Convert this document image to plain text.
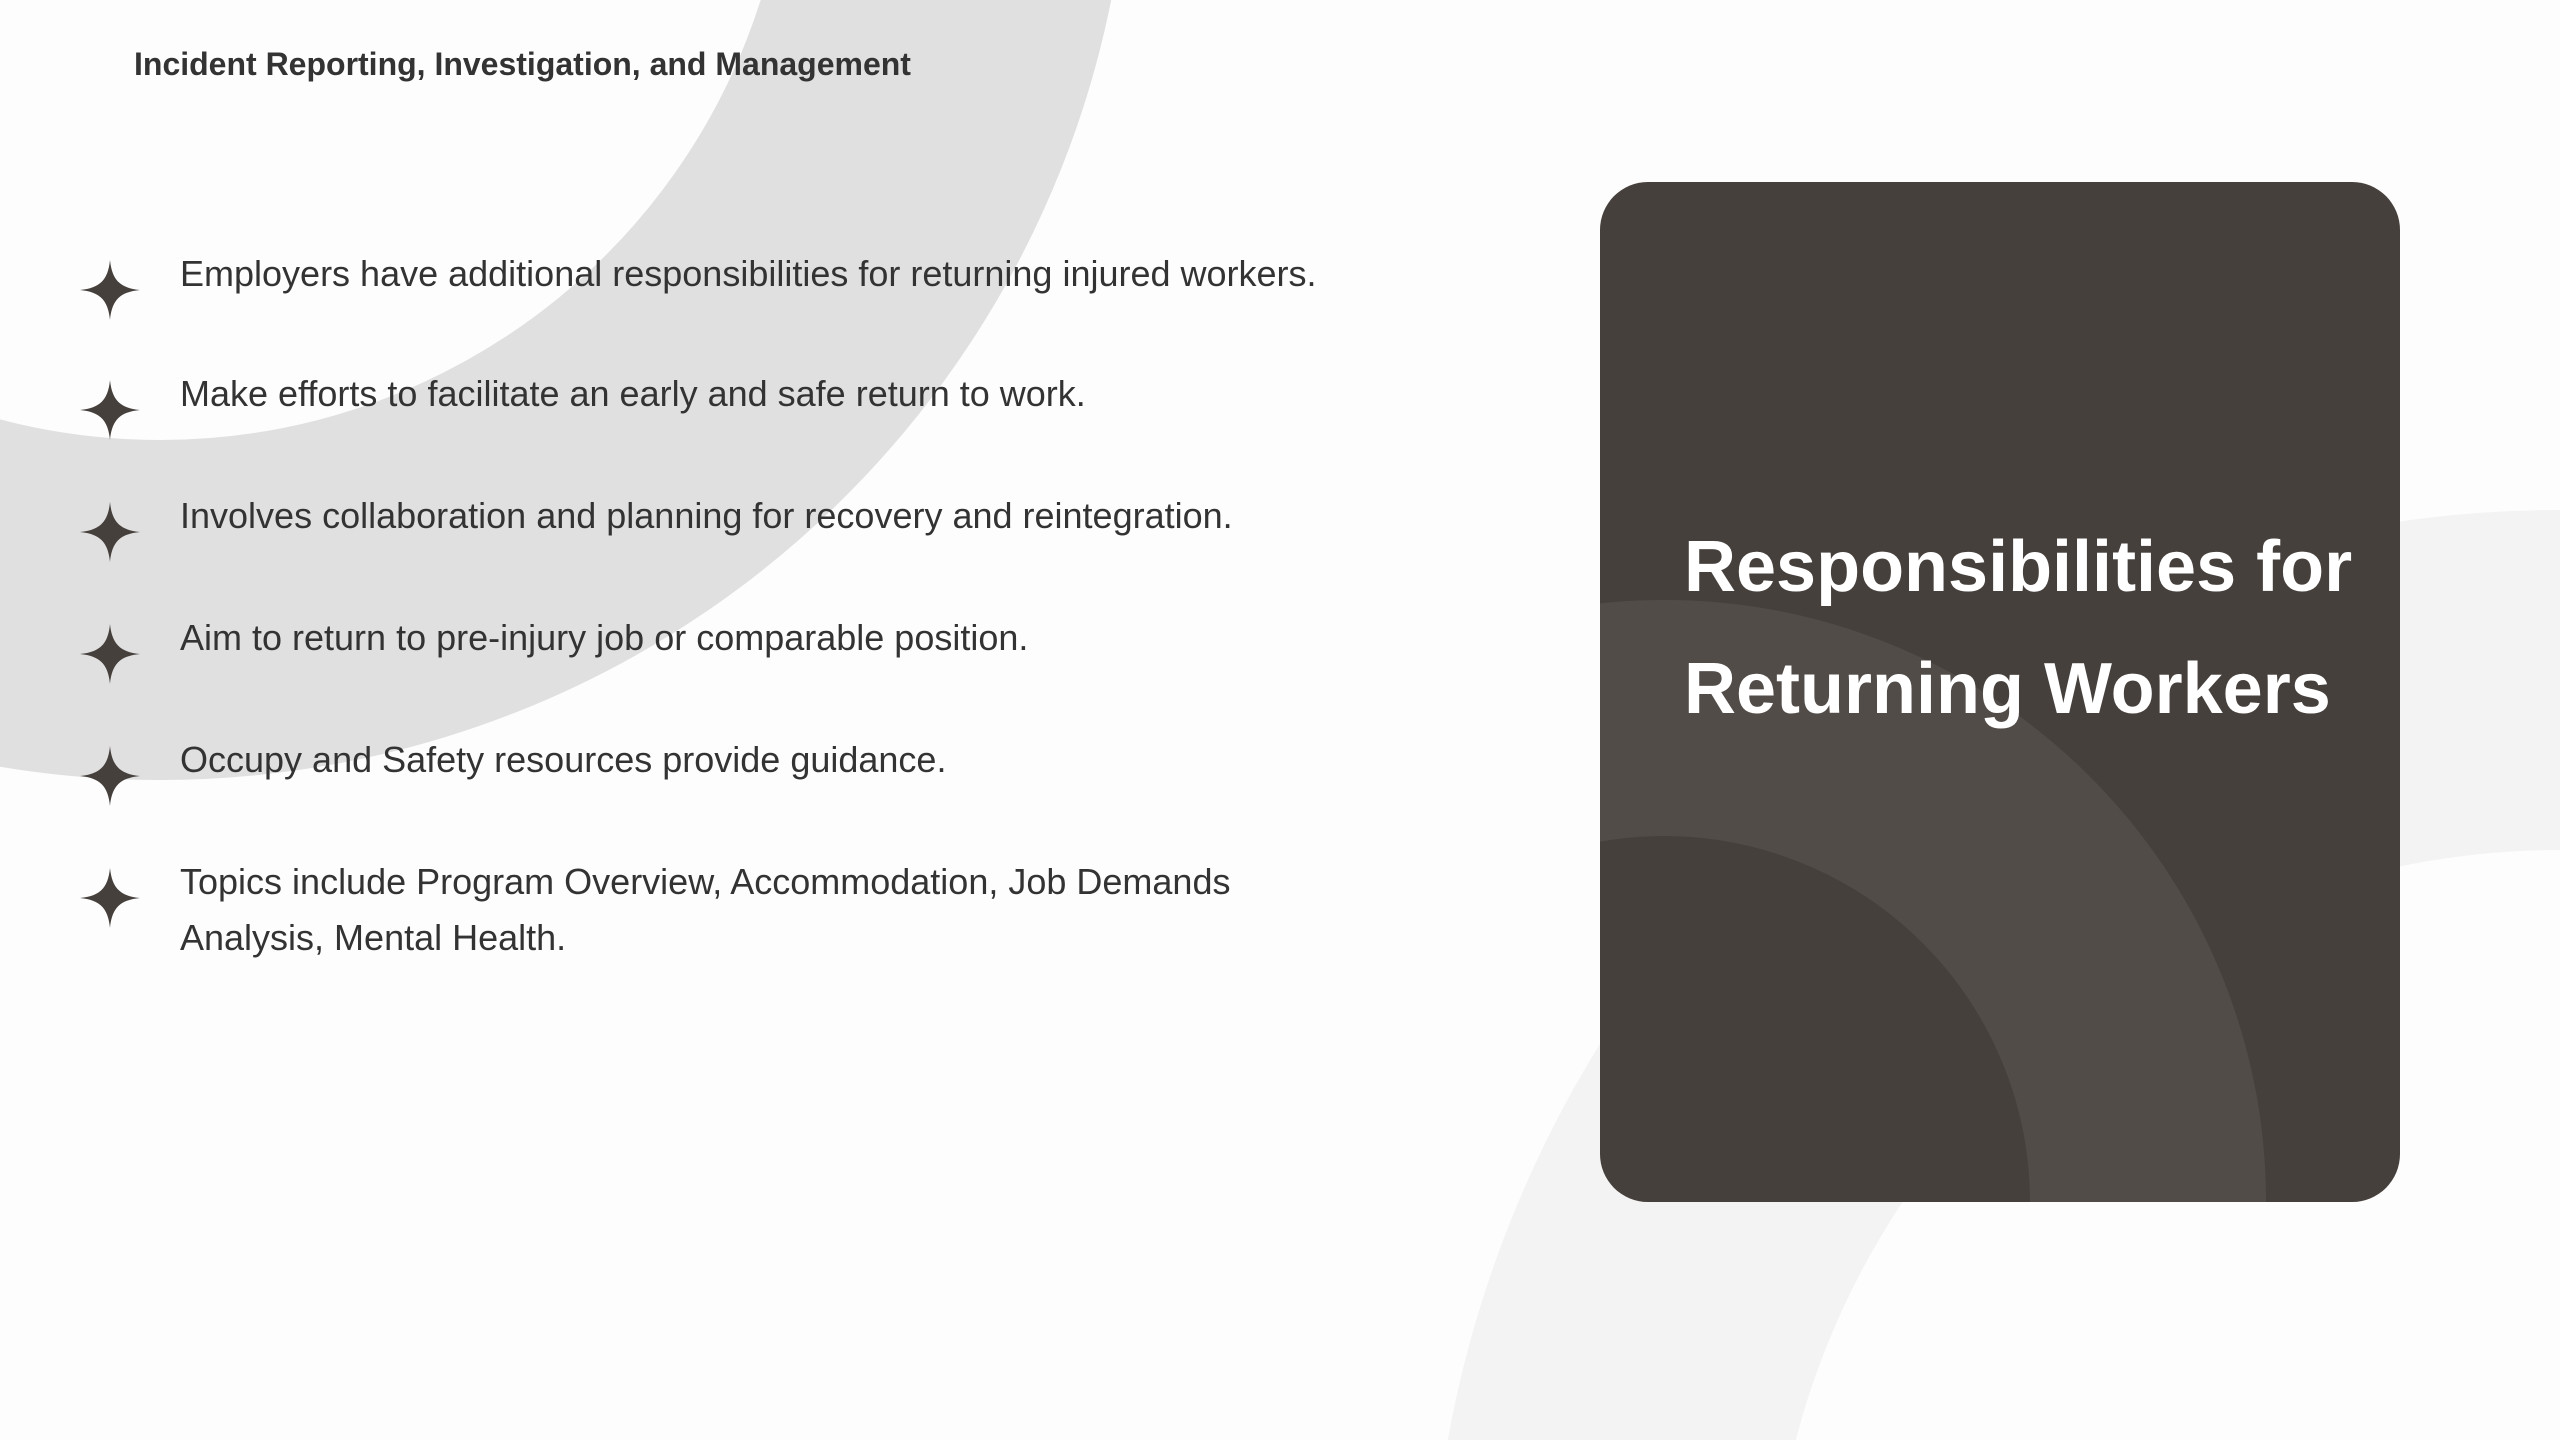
Incident Reporting, Investigation, and Management
Employers have additional responsibilities for returning injured workers.
Make efforts to facilitate an early and safe return to work.
Involves collaboration and planning for recovery and reintegration.
Aim to return to pre-injury job or comparable position.
Occupy and Safety resources provide guidance.
Topics include Program Overview, Accommodation, Job Demands Analysis, Mental Health.
Responsibilities for Returning Workers
